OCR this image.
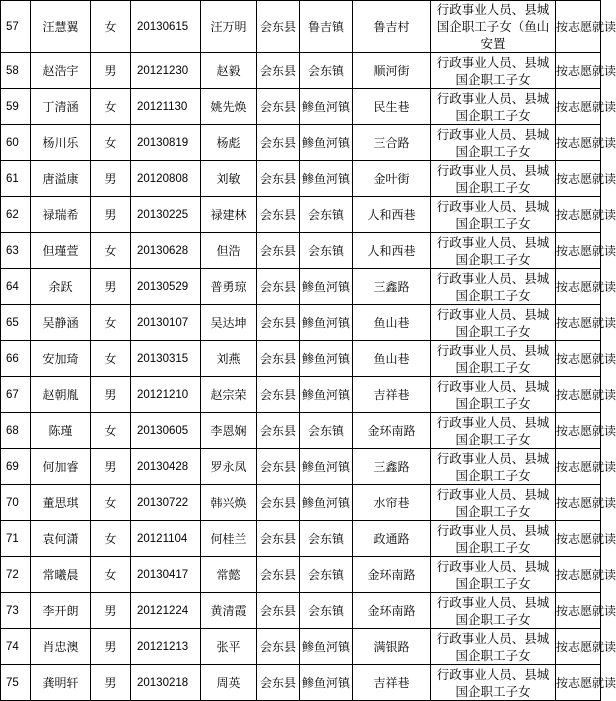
57	汪慧翼	女	20130615	汪万明	会东县	鲁吉镇	鲁吉村	行政事业人员、县城国企职工子女（鱼山安置	按志愿就读
58	赵浩宇	男	20121230	赵毅	会东县	会东镇	顺河街	行政事业人员、县城国企职工子女	按志愿就读
59	丁清涵	女	20121130	姚先焕	会东县	鲹鱼河镇	民生巷	行政事业人员、县城国企职工子女	按志愿就读
60	杨川乐	女	20130819	杨彪	会东县	鲹鱼河镇	三合路	行政事业人员、县城国企职工子女	按志愿就读
61	唐溢康	男	20120808	刘敏	会东县	鲹鱼河镇	金叶街	行政事业人员、县城国企职工子女	按志愿就读
62	禄瑞希	男	20130225	禄建林	会东县	会东镇	人和西巷	行政事业人员、县城国企职工子女	按志愿就读
63	但瑾萱	女	20130628	但浩	会东县	会东镇	人和西巷	行政事业人员、县城国企职工子女	按志愿就读
64	余跃	男	20130529	普勇琼	会东县	鲹鱼河镇	三鑫路	行政事业人员、县城国企职工子女	按志愿就读
65	吴静涵	女	20130107	吴达坤	会东县	鲹鱼河镇	鱼山巷	行政事业人员、县城国企职工子女	按志愿就读
66	安加琦	女	20130315	刘燕	会东县	鲹鱼河镇	鱼山巷	行政事业人员、县城国企职工子女	按志愿就读
67	赵朝胤	男	20121210	赵宗荣	会东县	鲹鱼河镇	吉祥巷	行政事业人员、县城国企职工子女	按志愿就读
68	陈瑾	女	20130605	李恩娴	会东县	会东镇	金环南路	行政事业人员、县城国企职工子女	按志愿就读
69	何加睿	男	20130428	罗永凤	会东县	鲹鱼河镇	三鑫路	行政事业人员、县城国企职工子女	按志愿就读
70	董思琪	女	20130722	韩兴焕	会东县	鲹鱼河镇	水帘巷	行政事业人员、县城国企职工子女	按志愿就读
71	袁何潇	女	20121104	何桂兰	会东县	会东镇	政通路	行政事业人员、县城国企职工子女	按志愿就读
72	常曦晨	女	20130417	常懿	会东县	会东镇	金环南路	行政事业人员、县城国企职工子女	按志愿就读
73	李开朗	男	20121224	黄清霞	会东县	会东镇	金环南路	行政事业人员、县城国企职工子女	按志愿就读
74	肖忠澳	男	20121213	张平	会东县	鲹鱼河镇	满银路	行政事业人员、县城国企职工子女	按志愿就读
75	龚明轩	男	20130218	周英	会东县	鲹鱼河镇	吉祥巷	行政事业人员、县城国企职工子女	按志愿就读
